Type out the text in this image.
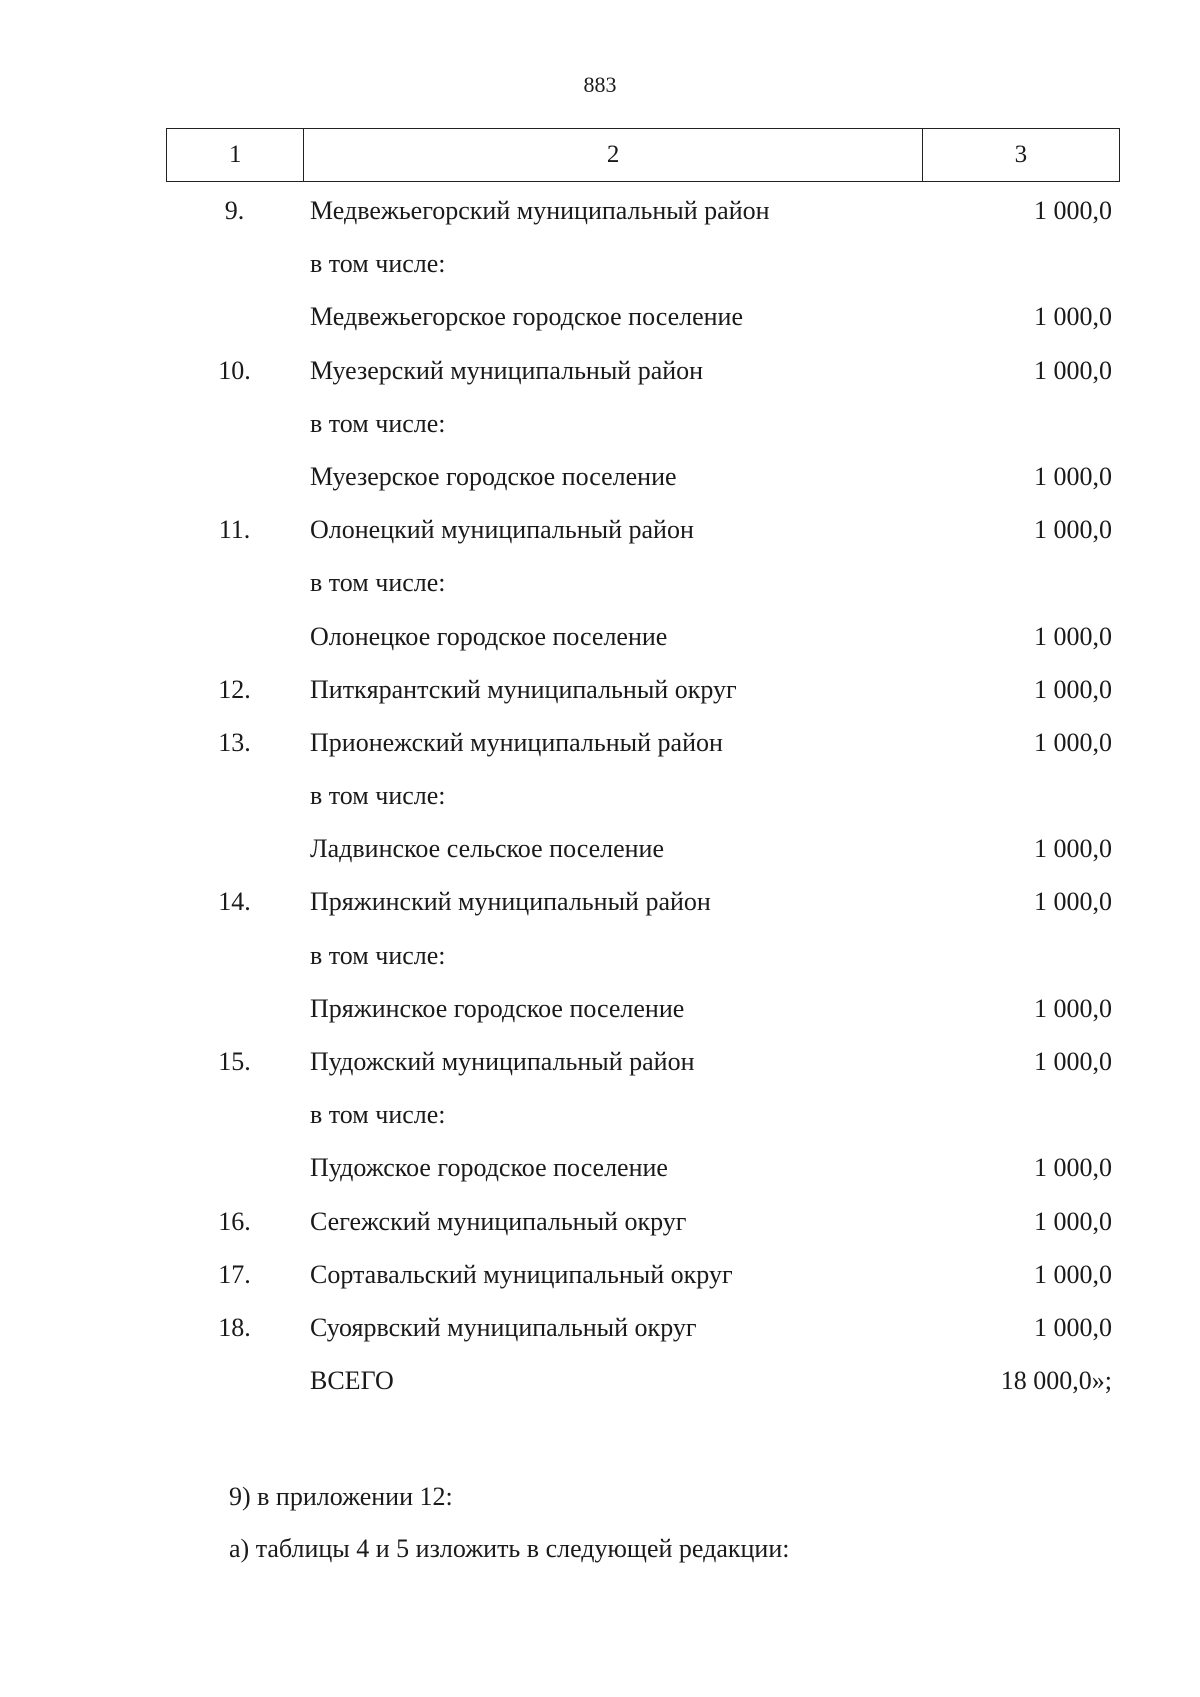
883
1	2	3
9.	Медвежьегорский муниципальный район	1 000,0
в том числе:
Медвежьегорское городское поселение	1 000,0
10.	Муезерский муниципальный район	1 000,0
в том числе:
Муезерское городское поселение	1 000,0
11.	Олонецкий муниципальный район	1 000,0
в том числе:
Олонецкое городское поселение	1 000,0
12.	Питкярантский муниципальный округ	1 000,0
13.	Прионежский муниципальный район	1 000,0
в том числе:
Ладвинское сельское поселение	1 000,0
14.	Пряжинский муниципальный район	1 000,0
в том числе:
Пряжинское городское поселение	1 000,0
15.	Пудожский муниципальный район	1 000,0
в том числе:
Пудожское городское поселение	1 000,0
16.	Сегежский муниципальный округ	1 000,0
17.	Сортавальский муниципальный округ	1 000,0
18.	Суоярвский муниципальный округ	1 000,0
ВСЕГО	18 000,0»;
9) в приложении 12:
а) таблицы 4 и 5 изложить в следующей редакции:
